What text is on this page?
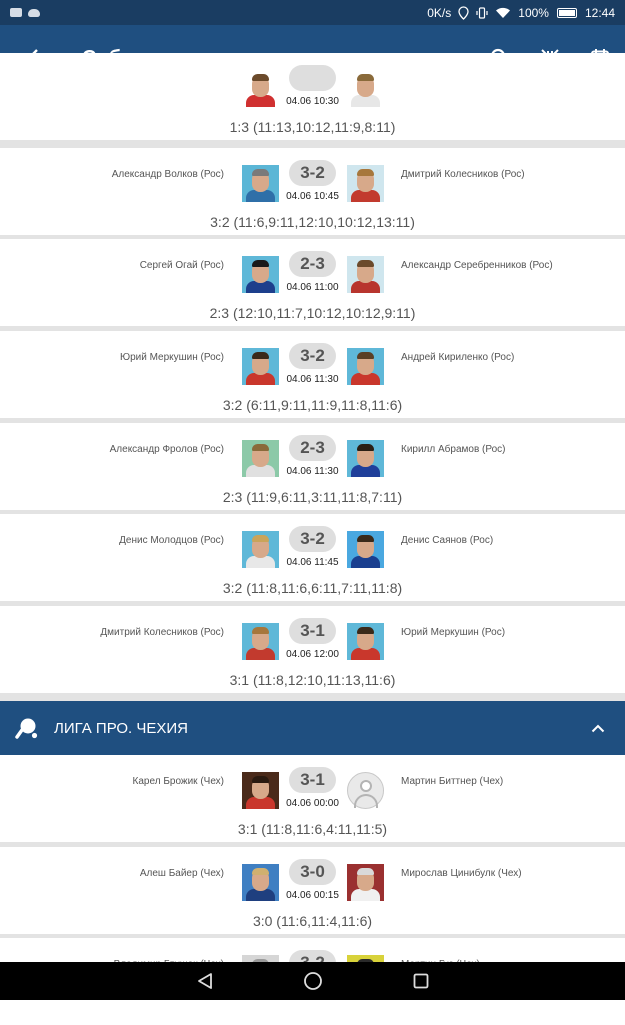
0K/s	100%	12:44
04.06 10:30
1:3 (11:13,10:12,11:9,8:11)
Александр Волков (Рос)	3-2	Дмитрий Колесников (Рос)
04.06 10:45
3:2 (11:6,9:11,12:10,10:12,13:11)
Сергей Огай (Рос)	2-3	Александр Серебренников (Рос)
04.06 11:00
2:3 (12:10,11:7,10:12,10:12,9:11)
Юрий Меркушин (Рос)	3-2	Андрей Кириленко (Рос)
04.06 11:30
3:2 (6:11,9:11,11:9,11:8,11:6)
Александр Фролов (Рос)	2-3	Кирилл Абрамов (Рос)
04.06 11:30
2:3 (11:9,6:11,3:11,11:8,7:11)
Денис Молодцов (Рос)	3-2	Денис Саянов (Рос)
04.06 11:45
3:2 (11:8,11:6,6:11,7:11,11:8)
Дмитрий Колесников (Рос)	3-1	Юрий Меркушин (Рос)
04.06 12:00
3:1 (11:8,12:10,11:13,11:6)
ЛИГА ПРО. ЧЕХИЯ
Карел Брожик (Чех)	3-1	Мартин Биттнер (Чех)
04.06 00:00
3:1 (11:8,11:6,4:11,11:5)
Алеш Байер (Чех)	3-0	Мирослав Цинибулк (Чех)
04.06 00:15
3:0 (11:6,11:4,11:6)
